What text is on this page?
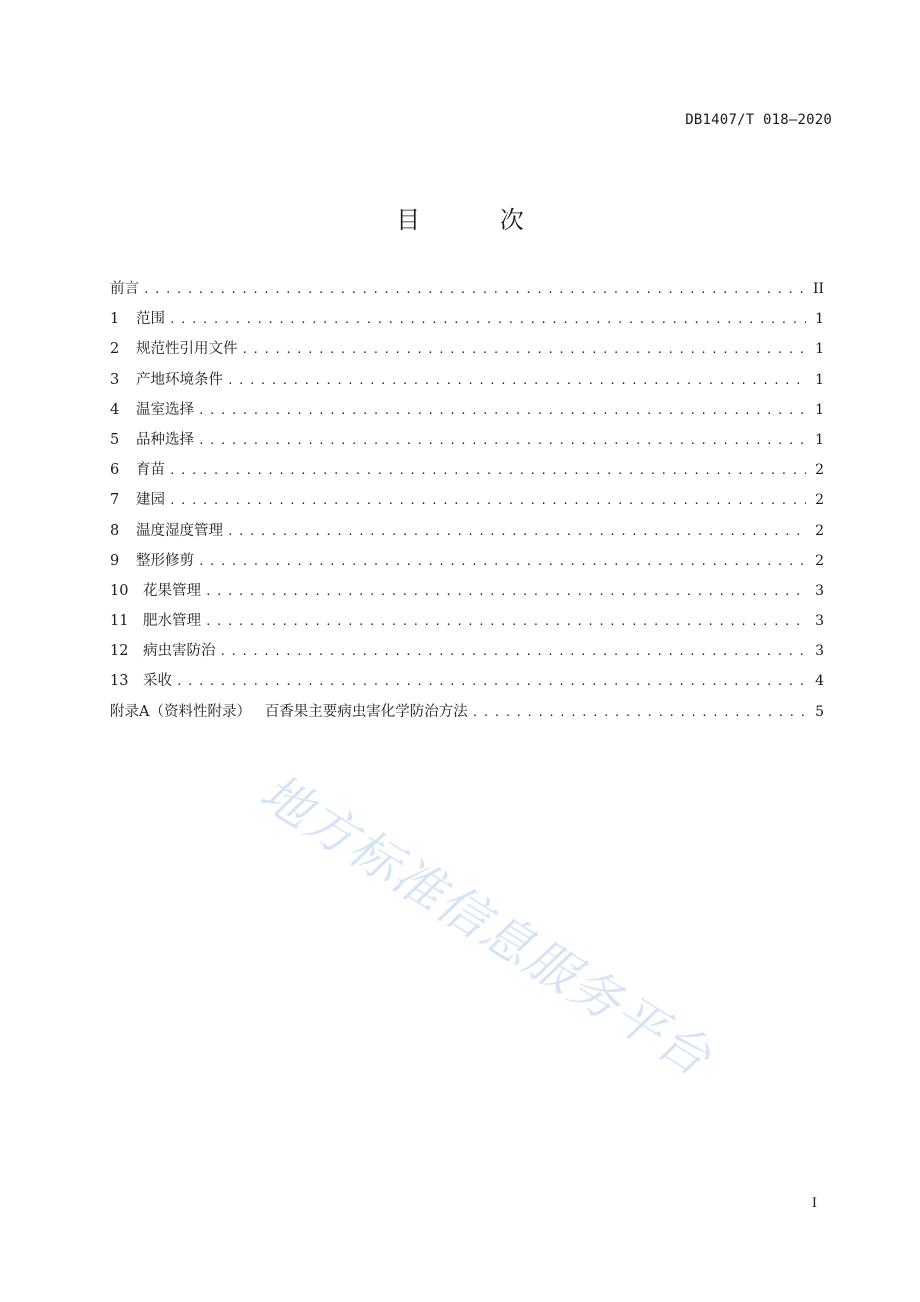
DB1407/T 018—2020
目 次
前言 .....	II
1	范围 .....	1
2	规范性引用文件 .....	1
3	产地环境条件 .....	1
4	温室选择 .....	1
5	品种选择 .....	1
6	育苗 .....	2
7	建园 .....	2
8	温度湿度管理 .....	2
9	整形修剪 .....	2
10	花果管理 .....	3
11	肥水管理 .....	3
12	病虫害防治 .....	3
13	采收 .....	4
附录A（资料性附录）   百香果主要病虫害化学防治方法 .....	5
地方标准信息服务平台
I
